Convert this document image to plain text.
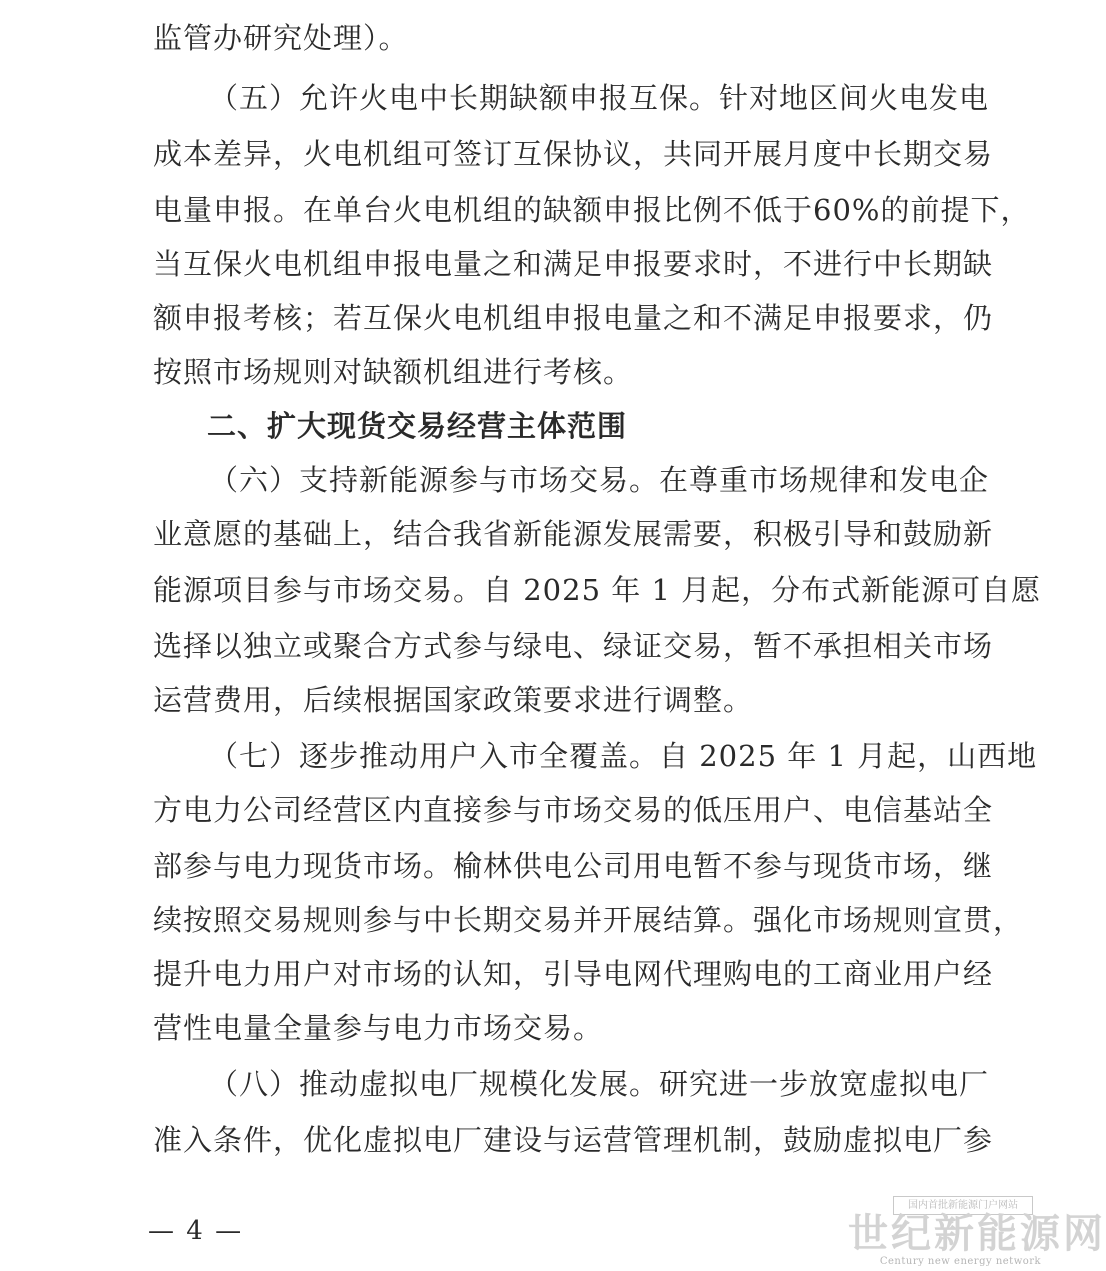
监管办研究处理）。
（五）允许火电中长期缺额申报互保。针对地区间火电发电
成本差异，火电机组可签订互保协议，共同开展月度中长期交易
电量申报。在单台火电机组的缺额申报比例不低于60%的前提下，
当互保火电机组申报电量之和满足申报要求时，不进行中长期缺
额申报考核；若互保火电机组申报电量之和不满足申报要求，仍
按照市场规则对缺额机组进行考核。
二、扩大现货交易经营主体范围
（六）支持新能源参与市场交易。在尊重市场规律和发电企
业意愿的基础上，结合我省新能源发展需要，积极引导和鼓励新
能源项目参与市场交易。自 2025 年 1 月起，分布式新能源可自愿
选择以独立或聚合方式参与绿电、绿证交易，暂不承担相关市场
运营费用，后续根据国家政策要求进行调整。
（七）逐步推动用户入市全覆盖。自 2025 年 1 月起，山西地
方电力公司经营区内直接参与市场交易的低压用户、电信基站全
部参与电力现货市场。榆林供电公司用电暂不参与现货市场，继
续按照交易规则参与中长期交易并开展结算。强化市场规则宣贯，
提升电力用户对市场的认知，引导电网代理购电的工商业用户经
营性电量全量参与电力市场交易。
（八）推动虚拟电厂规模化发展。研究进一步放宽虚拟电厂
准入条件，优化虚拟电厂建设与运营管理机制，鼓励虚拟电厂参
— 4 —
国内首批新能源门户网站
世纪新能源网
Century new energy network
